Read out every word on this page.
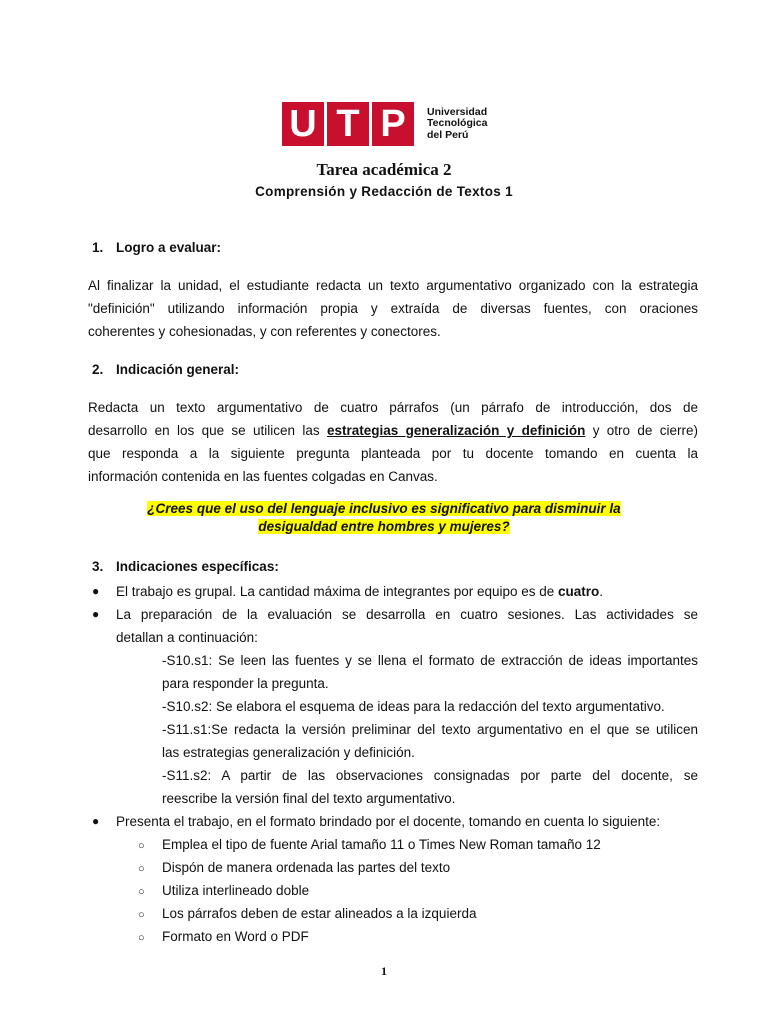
U T P	Universidad
Tecnológica
del Perú
Tarea académica 2
Comprensión y Redacción de Textos 1
1. Logro a evaluar:
Al finalizar la unidad, el estudiante redacta un texto argumentativo organizado con la estrategia
"definición" utilizando información propia y extraída de diversas fuentes, con oraciones
coherentes y cohesionadas, y con referentes y conectores.
2. Indicación general:
Redacta un texto argumentativo de cuatro párrafos (un párrafo de introducción, dos de
desarrollo en los que se utilicen las estrategias generalización y definición y otro de cierre)
que responda a la siguiente pregunta planteada por tu docente tomando en cuenta la
información contenida en las fuentes colgadas en Canvas.
¿Crees que el uso del lenguaje inclusivo es significativo para disminuir la
desigualdad entre hombres y mujeres?
3. Indicaciones específicas:
● El trabajo es grupal. La cantidad máxima de integrantes por equipo es de cuatro.
● La preparación de la evaluación se desarrolla en cuatro sesiones. Las actividades se
detallan a continuación:
-S10.s1: Se leen las fuentes y se llena el formato de extracción de ideas importantes
para responder la pregunta.
-S10.s2: Se elabora el esquema de ideas para la redacción del texto argumentativo.
-S11.s1:Se redacta la versión preliminar del texto argumentativo en el que se utilicen
las estrategias generalización y definición.
-S11.s2: A partir de las observaciones consignadas por parte del docente, se
reescribe la versión final del texto argumentativo.
● Presenta el trabajo, en el formato brindado por el docente, tomando en cuenta lo siguiente:
○ Emplea el tipo de fuente Arial tamaño 11 o Times New Roman tamaño 12
○ Dispón de manera ordenada las partes del texto
○ Utiliza interlineado doble
○ Los párrafos deben de estar alineados a la izquierda
○ Formato en Word o PDF
1
